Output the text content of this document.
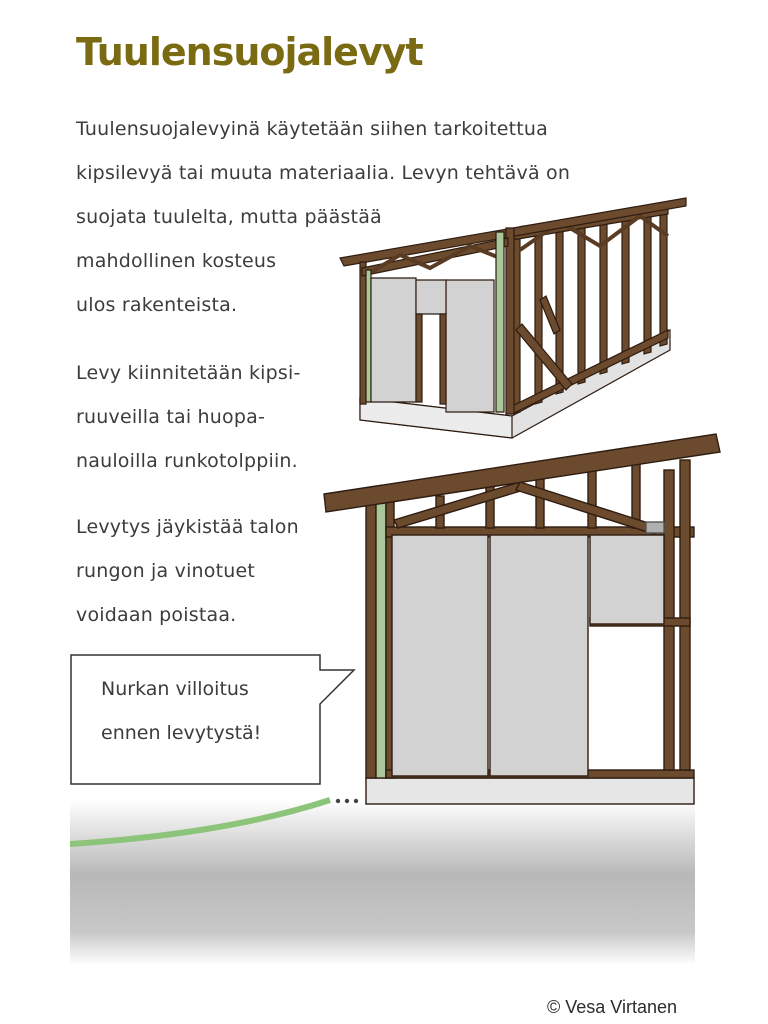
Tuulensuojalevyt
Tuulensuojalevyinä käytetään siihen tarkoitettua
kipsilevyä tai muuta materiaalia. Levyn tehtävä on
suojata tuulelta, mutta päästää
mahdollinen kosteus
ulos rakenteista.
Levy kiinnitetään kipsi-
ruuveilla tai huopa-
nauloilla runkotolppiin.
Levytys jäykistää talon
rungon ja vinotuet
voidaan poistaa.
Nurkan villoitus
ennen levytystä!

© Vesa Virtanen
